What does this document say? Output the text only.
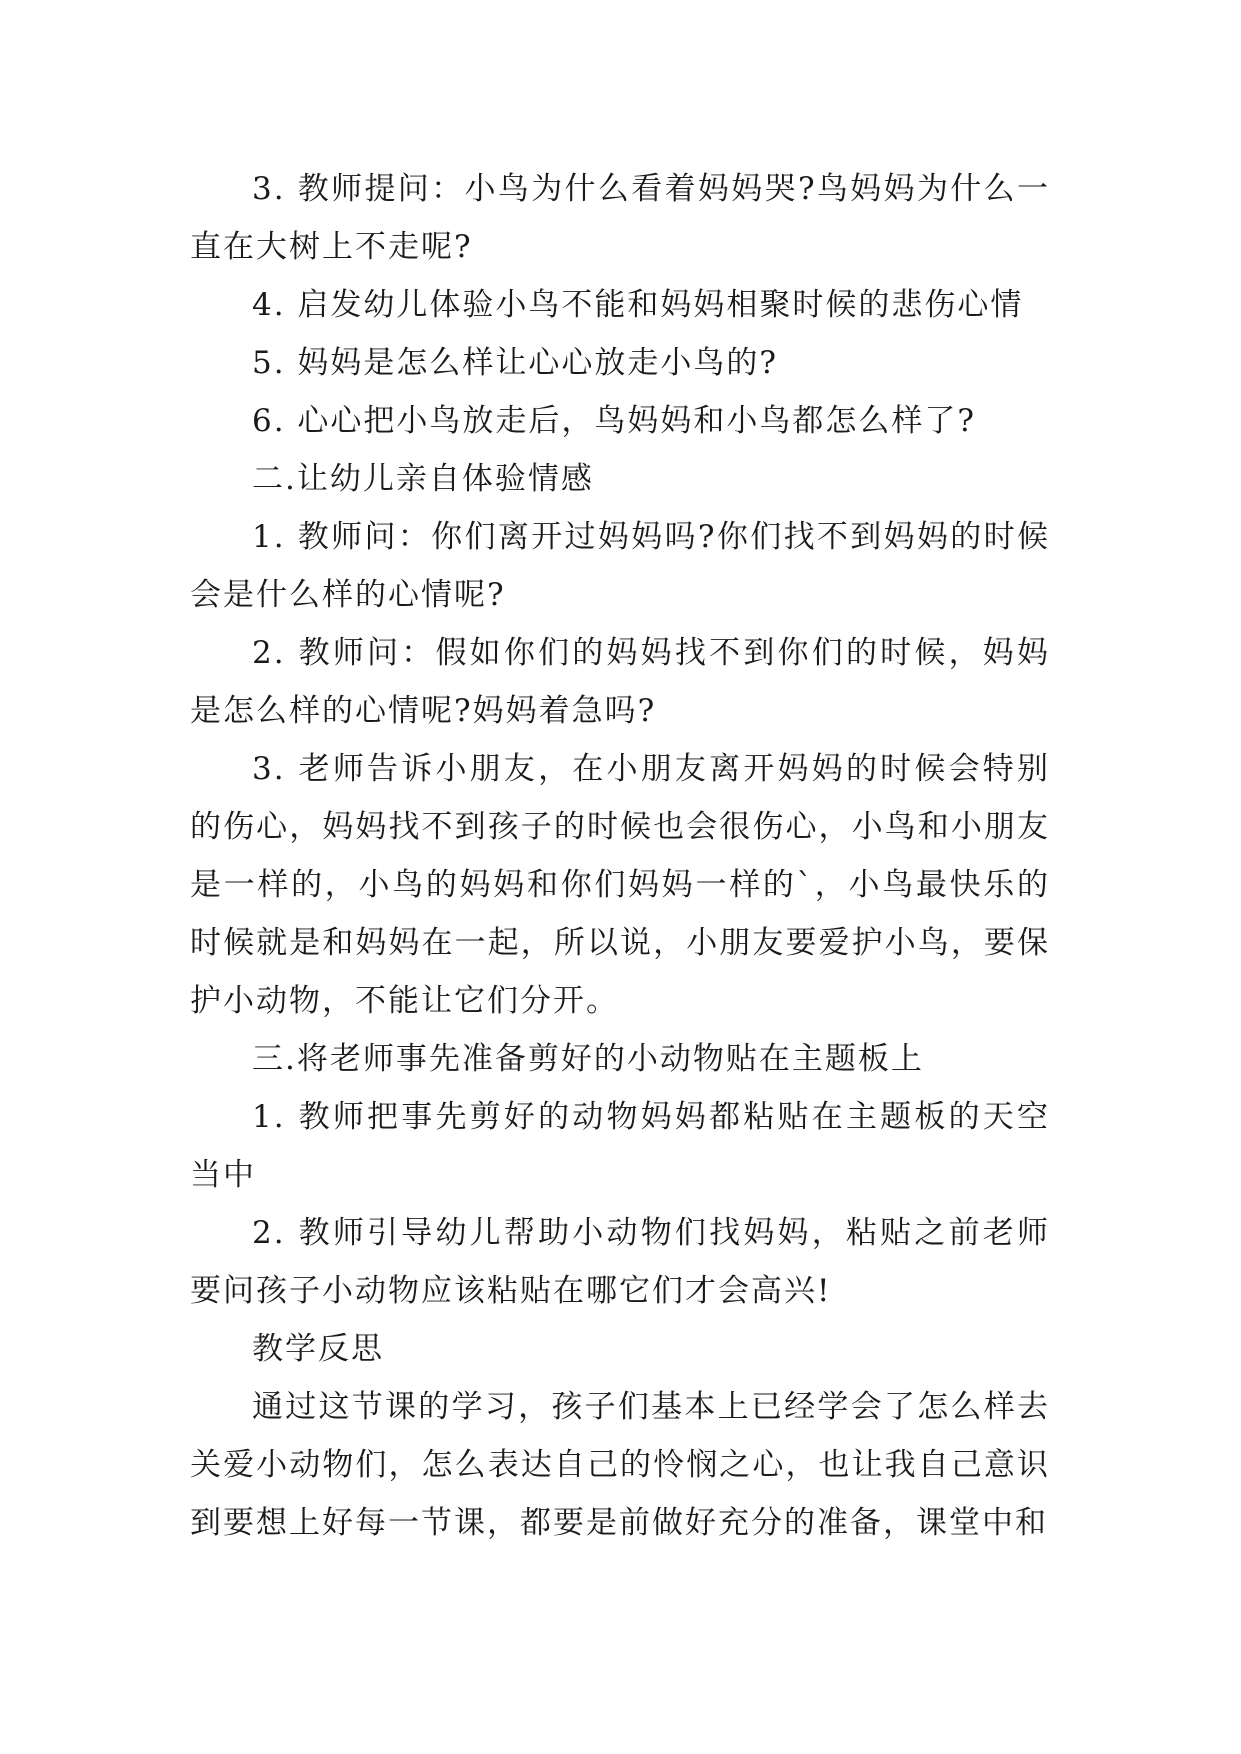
3. 教师提问：小鸟为什么看着妈妈哭?鸟妈妈为什么一直在大树上不走呢?

4. 启发幼儿体验小鸟不能和妈妈相聚时候的悲伤心情

5. 妈妈是怎么样让心心放走小鸟的?

6. 心心把小鸟放走后，鸟妈妈和小鸟都怎么样了?

二.让幼儿亲自体验情感

1. 教师问：你们离开过妈妈吗?你们找不到妈妈的时候会是什么样的心情呢?

2. 教师问：假如你们的妈妈找不到你们的时候，妈妈是怎么样的心情呢?妈妈着急吗?

3. 老师告诉小朋友，在小朋友离开妈妈的时候会特别的伤心，妈妈找不到孩子的时候也会很伤心，小鸟和小朋友是一样的，小鸟的妈妈和你们妈妈一样的`，小鸟最快乐的时候就是和妈妈在一起，所以说，小朋友要爱护小鸟，要保护小动物，不能让它们分开。

三.将老师事先准备剪好的小动物贴在主题板上

1. 教师把事先剪好的动物妈妈都粘贴在主题板的天空当中

2. 教师引导幼儿帮助小动物们找妈妈，粘贴之前老师要问孩子小动物应该粘贴在哪它们才会高兴!

教学反思

通过这节课的学习，孩子们基本上已经学会了怎么样去关爱小动物们，怎么表达自己的怜悯之心，也让我自己意识到要想上好每一节课，都要是前做好充分的准备，课堂中和
